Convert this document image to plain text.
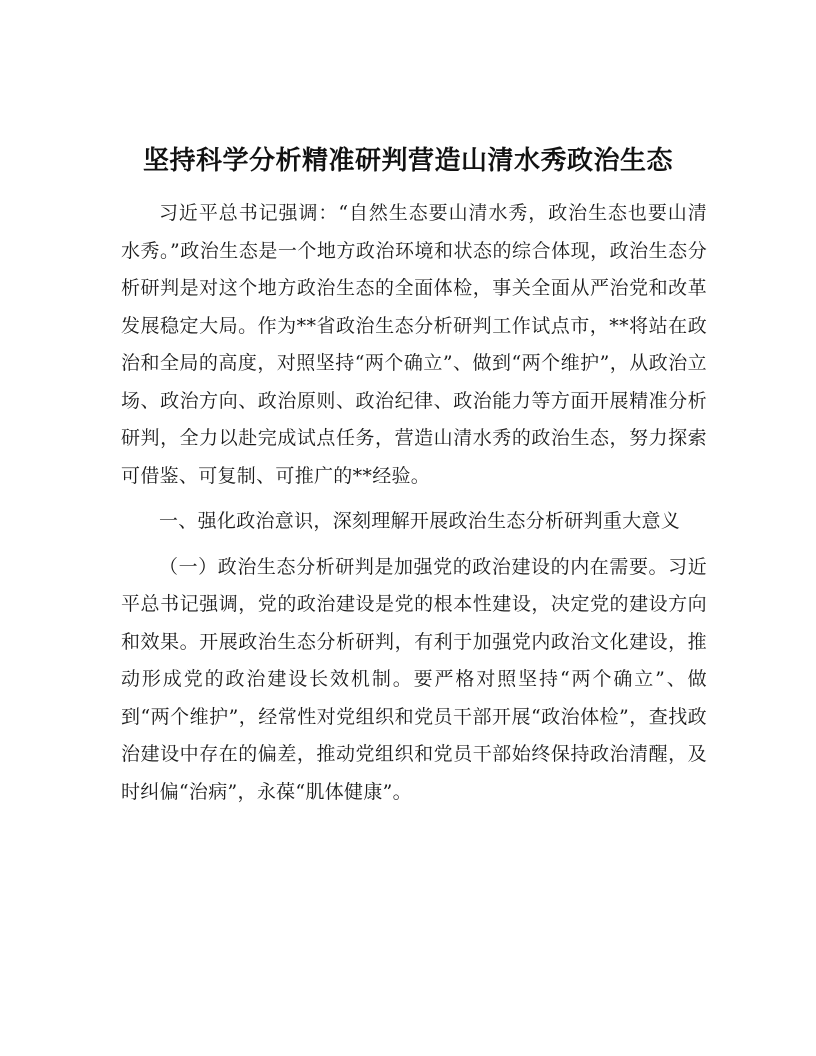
坚持科学分析精准研判营造山清水秀政治生态

习近平总书记强调：“自然生态要山清水秀，政治生态也要山清水秀。”政治生态是一个地方政治环境和状态的综合体现，政治生态分析研判是对这个地方政治生态的全面体检，事关全面从严治党和改革发展稳定大局。作为**省政治生态分析研判工作试点市，**将站在政治和全局的高度，对照坚持“两个确立”、做到“两个维护”，从政治立场、政治方向、政治原则、政治纪律、政治能力等方面开展精准分析研判，全力以赴完成试点任务，营造山清水秀的政治生态，努力探索可借鉴、可复制、可推广的**经验。

一、强化政治意识，深刻理解开展政治生态分析研判重大意义

（一）政治生态分析研判是加强党的政治建设的内在需要。习近平总书记强调，党的政治建设是党的根本性建设，决定党的建设方向和效果。开展政治生态分析研判，有利于加强党内政治文化建设，推动形成党的政治建设长效机制。要严格对照坚持“两个确立”、做到“两个维护”，经常性对党组织和党员干部开展“政治体检”，查找政治建设中存在的偏差，推动党组织和党员干部始终保持政治清醒，及时纠偏“治病”，永葆“肌体健康”。
